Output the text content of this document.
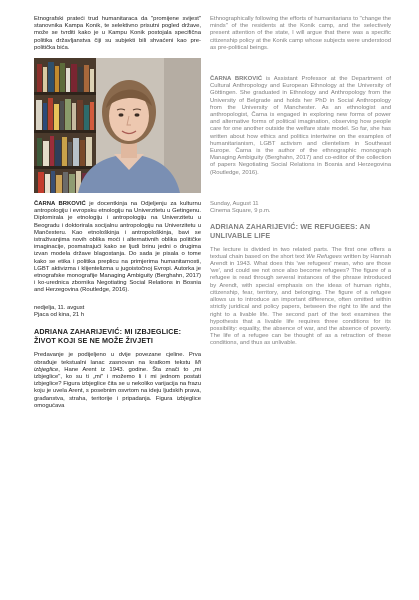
Etnografski prateći trud humanitaraca da "promijene svijest" stanovnika Kampa Konik, te selektivno prisutni pogled države, može se tvrditi kako je u Kampu Konik postojala specifična politika državljanstva čiji su subjekti bili shvaćeni kao pre-politička bića.

ČARNA BRKOVIĆ je docentkinja na Odjeljenju za kulturnu antropologiju i evropsku etnologiju na Univerzitetu u Getingenu. Diplomirala je etnologiju i antropologiju na Univerzitetu u Beogradu i doktorirala socijalnu antropologiju na Univerzitetu u Mančesteru. Kao etnološkinja i antropološkinja, bavi se istraživanjima novih oblika moći i alternativnih oblika političke imaginacije, posmatrajući kako se ljudi brinu jedni o drugima izvan modela države blagostanja. Do sada je pisala o tome kako se etika i politika preplicu na primjerima humanitarnosti, LGBT aktivizma i klijentelizma u jugoistočnoj Evropi. Autorka je etnografske monografije Managing Ambiguity (Berghahn, 2017) i ko-urednica zbornika Negotiating Social Relations in Bosnia and Herzegovina (Routledge, 2016).

nedjelja, 11. avgust

Pjaca od kina, 21 h

ADRIANA ZAHARIJEVIĆ: MI IZBJEGLICE: ŽIVOT KOJI SE NE MOŽE ŽIVJETI

Predavanje je podijeljeno u dvije povezane cjeline. Prva obrađuje tekstualni lanac zasnovan na kratkom tekstu Mi izbjeglice, Hane Arent iz 1943. godine. Šta znači to „mi izbjeglice", ko su ti „mi" i možemo li i mi jednom postati izbjeglice? Figura izbjeglice čita se u nekoliko varijacija na frazu koju je uvela Arent, s posebnim osvrtom na ideju ljudskih prava, građanstva, straha, teritorije i pripadanja. Figura izbjeglice omogućava

Ethnographically following the efforts of humanitarians to "change the minds" of the residents at the Konik camp, and the selectively present attention of the state, I will argue that there was a specific citizenship policy at the Konik camp whose subjects were understood as pre-political beings.

ČARNA BRKOVIĆ is Assistant Professor at the Department of Cultural Anthropology and European Ethnology at the University of Göttingen. She graduated in Ethnology and Anthropology from the University of Belgrade and holds her PhD in Social Anthropology from the University of Manchester. As an ethnologist and anthropologist, Čarna is engaged in exploring new forms of power and alternative forms of political imagination, observing how people care for one another outside the welfare state model. So far, she has written about how ethics and politics intertwine on the examples of humanitarianism, LGBT activism and clientelism in Southeast Europe. Čarna is the author of the ethnographic monograph Managing Ambiguity (Berghahn, 2017) and co-editor of the collection of papers Negotiating Social Relations in Bosnia and Herzegovina (Routledge, 2016).

Sunday, August 11

Cinema Square, 9 p.m.

ADRIANA ZAHARIJEVIĆ: WE REFUGEES: AN UNLIVABLE LIFE

The lecture is divided in two related parts. The first one offers a textual chain based on the short text We Refugees written by Hannah Arendt in 1943. What does this 'we refugees' mean, who are those 'we', and could we not once also become refugees? The figure of a refugee is read through several instances of the phrase introduced by Arendt, with special emphasis on the ideas of human rights, citizenship, fear, territory, and belonging. The figure of a refugee allows us to introduce an important difference, often omitted within strictly juridical and policy papers, between the right to life and the right to a livable life. The second part of the text examines the hypothesis that a livable life requires three conditions for its possibility: equality, the absence of war, and the absence of poverty. The life of a refugee can be thought of as a retraction of these conditions, and thus as unlivable.
